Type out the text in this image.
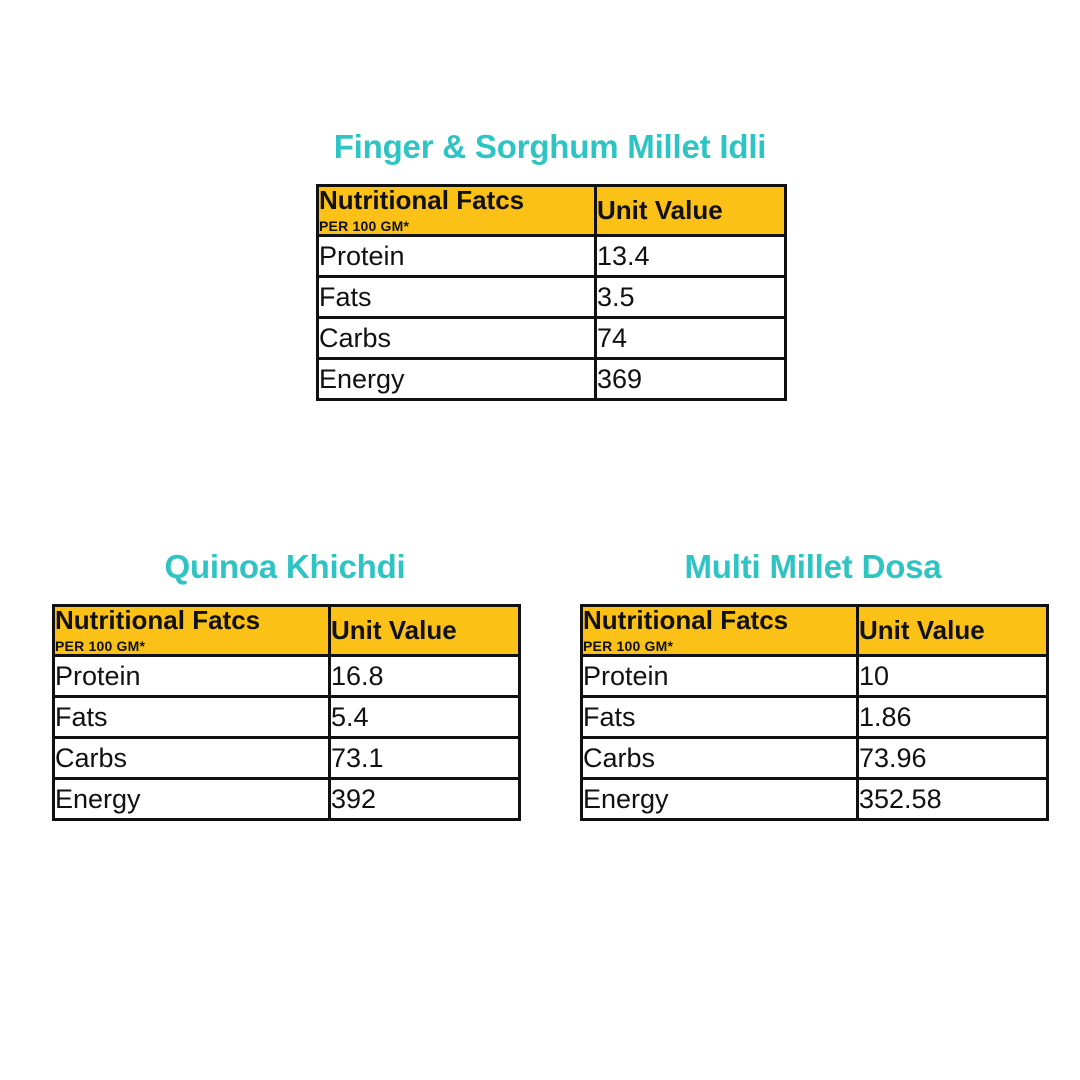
Finger & Sorghum Millet Idli
Nutritional Fatcs
PER 100 GM*	Unit Value

Protein	13.4
Fats	3.5
Carbs	74
Energy	369
Quinoa Khichdi
Nutritional Fatcs
PER 100 GM*	Unit Value

Protein	16.8
Fats	5.4
Carbs	73.1
Energy	392
Multi Millet Dosa
Nutritional Fatcs
PER 100 GM*	Unit Value

Protein	10
Fats	1.86
Carbs	73.96
Energy	352.58
